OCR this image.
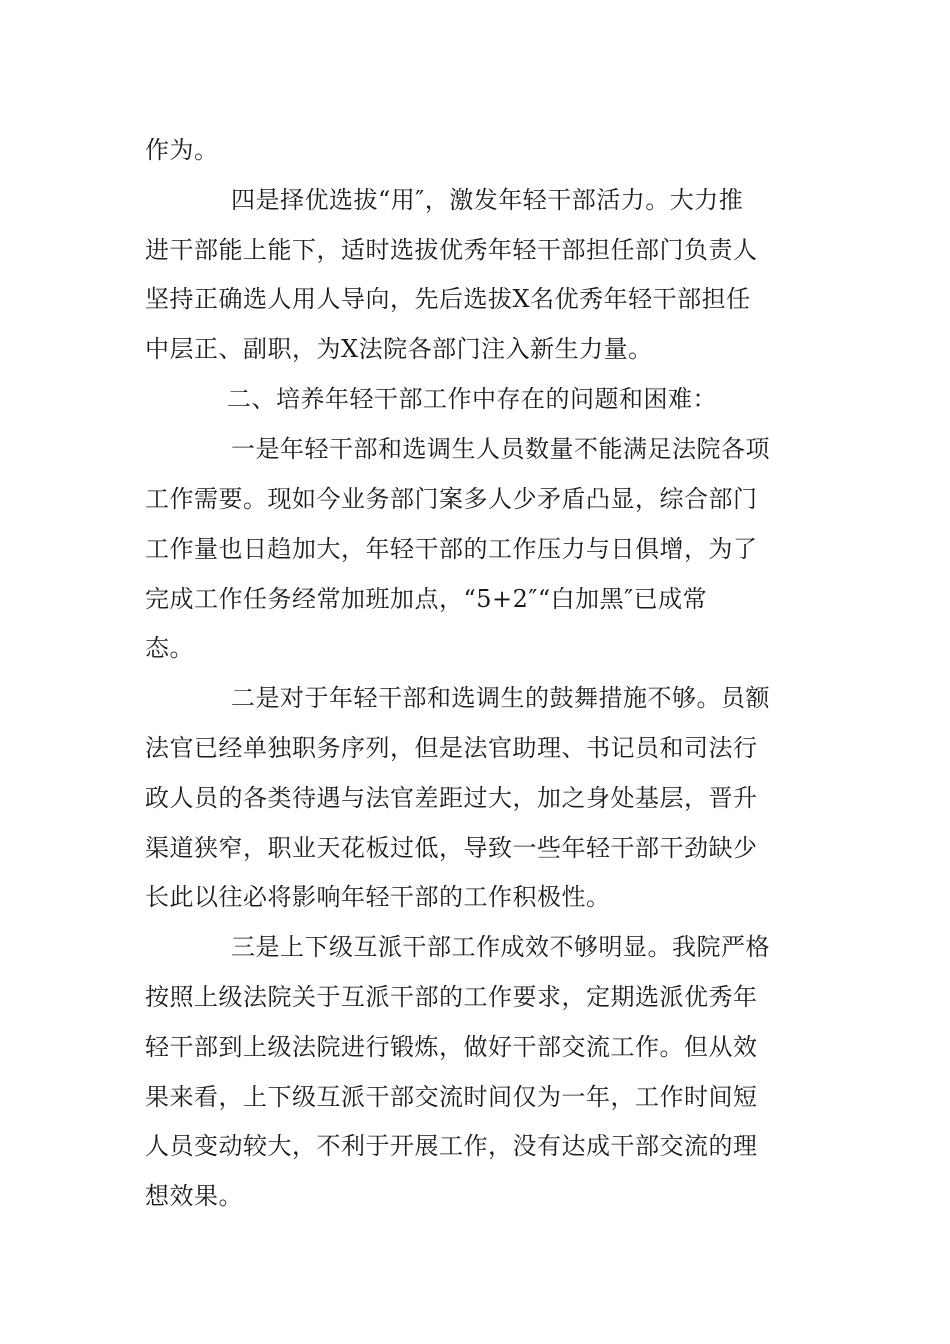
作为。
四是择优选拔“用″，激发年轻干部活力。大力推
进干部能上能下，适时选拔优秀年轻干部担任部门负责人
坚持正确选人用人导向，先后选拔X名优秀年轻干部担任
中层正、副职，为X法院各部门注入新生力量。
二、培养年轻干部工作中存在的问题和困难：
一是年轻干部和选调生人员数量不能满足法院各项
工作需要。现如今业务部门案多人少矛盾凸显，综合部门
工作量也日趋加大，年轻干部的工作压力与日俱增，为了
完成工作任务经常加班加点，“5+2″“白加黑″已成常
态。
二是对于年轻干部和选调生的鼓舞措施不够。员额
法官已经单独职务序列，但是法官助理、书记员和司法行
政人员的各类待遇与法官差距过大，加之身处基层，晋升
渠道狭窄，职业天花板过低，导致一些年轻干部干劲缺少
长此以往必将影响年轻干部的工作积极性。
三是上下级互派干部工作成效不够明显。我院严格
按照上级法院关于互派干部的工作要求，定期选派优秀年
轻干部到上级法院进行锻炼，做好干部交流工作。但从效
果来看，上下级互派干部交流时间仅为一年，工作时间短
人员变动较大，不利于开展工作，没有达成干部交流的理
想效果。
